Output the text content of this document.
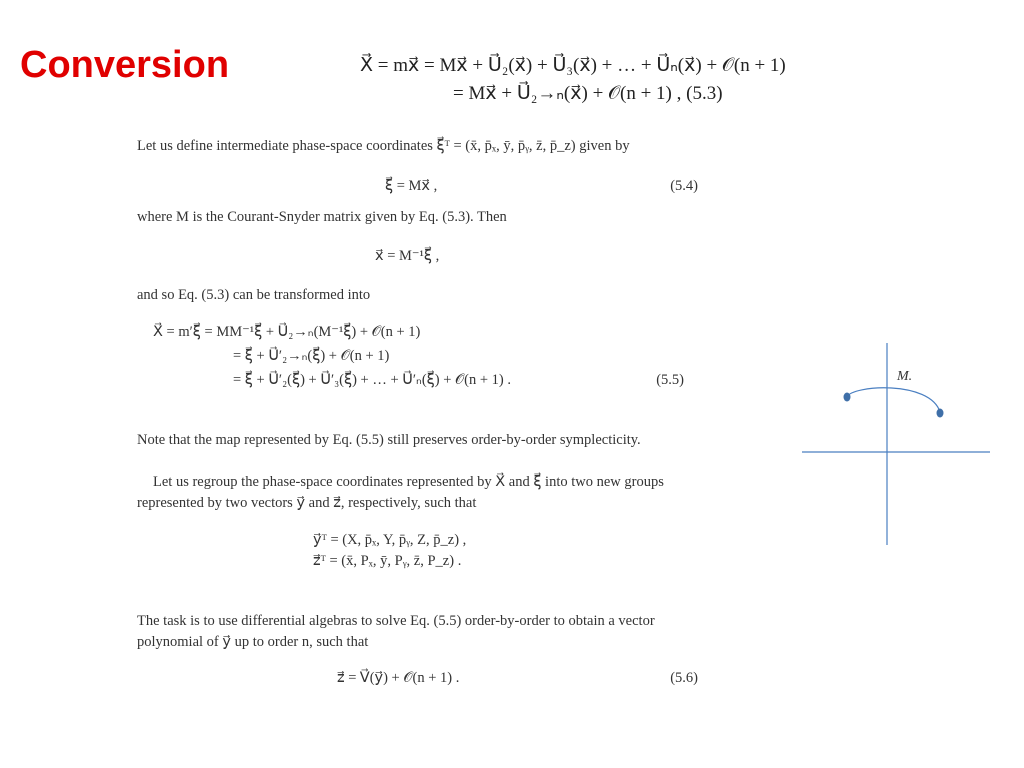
Conversion	X⃗ = mx⃗ = Mx⃗ + U⃗₂(x⃗) + U⃗₃(x⃗) + … + U⃗ₙ(x⃗) + 𝒪(n + 1)
= Mx⃗ + U⃗₂→ₙ(x⃗) + 𝒪(n + 1) , (5.3)
Let us define intermediate phase-space coordinates ξ⃗ᵀ = (x̄, p̄ₓ, ȳ, p̄ᵧ, z̄, p̄_z) given by
ξ⃗ = Mx⃗ ,	(5.4)
where M is the Courant-Snyder matrix given by Eq. (5.3). Then
x⃗ = M⁻¹ξ⃗ ,
and so Eq. (5.3) can be transformed into
X⃗ = m′ξ⃗ = MM⁻¹ξ⃗ + U⃗₂→ₙ(M⁻¹ξ⃗) + 𝒪(n + 1)
= ξ⃗ + U⃗′₂→ₙ(ξ⃗) + 𝒪(n + 1)
= ξ⃗ + U⃗′₂(ξ⃗) + U⃗′₃(ξ⃗) + … + U⃗′ₙ(ξ⃗) + 𝒪(n + 1) .	(5.5)
Note that the map represented by Eq. (5.5) still preserves order-by-order symplecticity.
Let us regroup the phase-space coordinates represented by X⃗ and ξ⃗ into two new groups represented by two vectors y⃗ and z⃗, respectively, such that
y⃗ᵀ = (X, p̄ₓ, Y, p̄ᵧ, Z, p̄_z) ,
z⃗ᵀ = (x̄, Pₓ, ȳ, Pᵧ, z̄, P_z) .
The task is to use differential algebras to solve Eq. (5.5) order-by-order to obtain a vector polynomial of y⃗ up to order n, such that
z⃗ = V⃗(y⃗) + 𝒪(n + 1) .	(5.6)
M.
